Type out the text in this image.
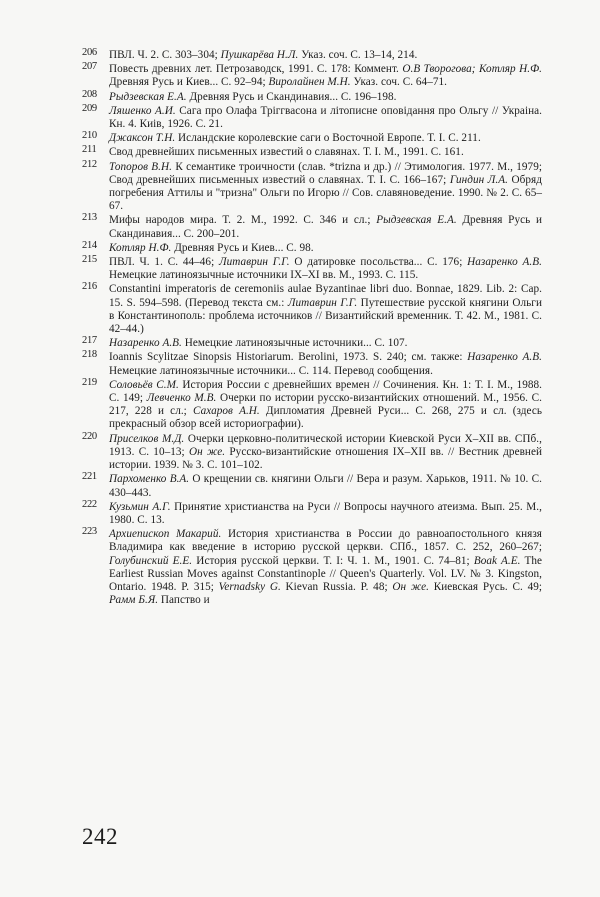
206	ПВЛ. Ч. 2. С. 303–304; Пушкарёва Н.Л. Указ. соч. С. 13–14, 214.
207	Повесть древних лет. Петрозаводск, 1991. С. 178: Коммент. О.В Творогова; Котляр Н.Ф. Древняя Русь и Киев... С. 92–94; Виролайнен М.Н. Указ. соч. С. 64–71.
208	Рыдзевская Е.А. Древняя Русь и Скандинавия... С. 196–198.
209	Ляшенко А.И. Сага про Олафа Трiггвасона и лiтописне оповiдання про Ольгу // Украiна. Кн. 4. Киiв, 1926. С. 21.
210	Джаксон Т.Н. Исландские королевские саги о Восточной Европе. Т. I. С. 211.
211	Свод древнейших письменных известий о славянах. Т. I. М., 1991. С. 161.
212	Топоров В.Н. К семантике троичности (слав. *trizna и др.) // Этимология. 1977. М., 1979; Свод древнейших письменных известий о славянах. Т. I. С. 166–167; Гиндин Л.А. Обряд погребения Аттилы и "тризна" Ольги по Игорю // Сов. славяноведение. 1990. № 2. С. 65–67.
213	Мифы народов мира. Т. 2. М., 1992. С. 346 и сл.; Рыдзевская Е.А. Древняя Русь и Скандинавия... С. 200–201.
214	Котляр Н.Ф. Древняя Русь и Киев... С. 98.
215	ПВЛ. Ч. 1. С. 44–46; Литаврин Г.Г. О датировке посольства... С. 176; Назаренко А.В. Немецкие латиноязычные источники IX–XI вв. М., 1993. С. 115.
216	Constantini imperatoris de ceremoniis aulae Byzantinae libri duo. Bonnae, 1829. Lib. 2: Cap. 15. S. 594–598. (Перевод текста см.: Литаврин Г.Г. Путешествие русской княгини Ольги в Константинополь: проблема источников // Византийский временник. Т. 42. М., 1981. С. 42–44.)
217	Назаренко А.В. Немецкие латиноязычные источники... С. 107.
218	Ioannis Scylitzae Sinopsis Historiarum. Berolini, 1973. S. 240; см. также: Назаренко А.В. Немецкие латиноязычные источники... С. 114. Перевод сообщения.
219	Соловьёв С.М. История России с древнейших времен // Сочинения. Кн. 1: Т. I. М., 1988. С. 149; Левченко М.В. Очерки по истории русско-византийских отношений. М., 1956. С. 217, 228 и сл.; Сахаров А.Н. Дипломатия Древней Руси... С. 268, 275 и сл. (здесь прекрасный обзор всей историографии).
220	Приселков М.Д. Очерки церковно-политической истории Киевской Руси X–XII вв. СПб., 1913. С. 10–13; Он же. Русско-византийские отношения IX–XII вв. // Вестник древней истории. 1939. № 3. С. 101–102.
221	Пархоменко В.А. О крещении св. княгини Ольги // Вера и разум. Харьков, 1911. № 10. С. 430–443.
222	Кузьмин А.Г. Принятие христианства на Руси // Вопросы научного атеизма. Вып. 25. М., 1980. С. 13.
223	Архиепископ Макарий. История христианства в России до равноапостольного князя Владимира как введение в историю русской церкви. СПб., 1857. С. 252, 260–267; Голубинский Е.Е. История русской церкви. Т. I: Ч. 1. М., 1901. С. 74–81; Boak A.E. The Earliest Russian Moves against Constantinople // Queen's Quarterly. Vol. LV. № 3. Kingston, Ontario. 1948. P. 315; Vernadsky G. Kievan Russia. P. 48; Он же. Киевская Русь. С. 49; Рамм Б.Я. Папство и
242
